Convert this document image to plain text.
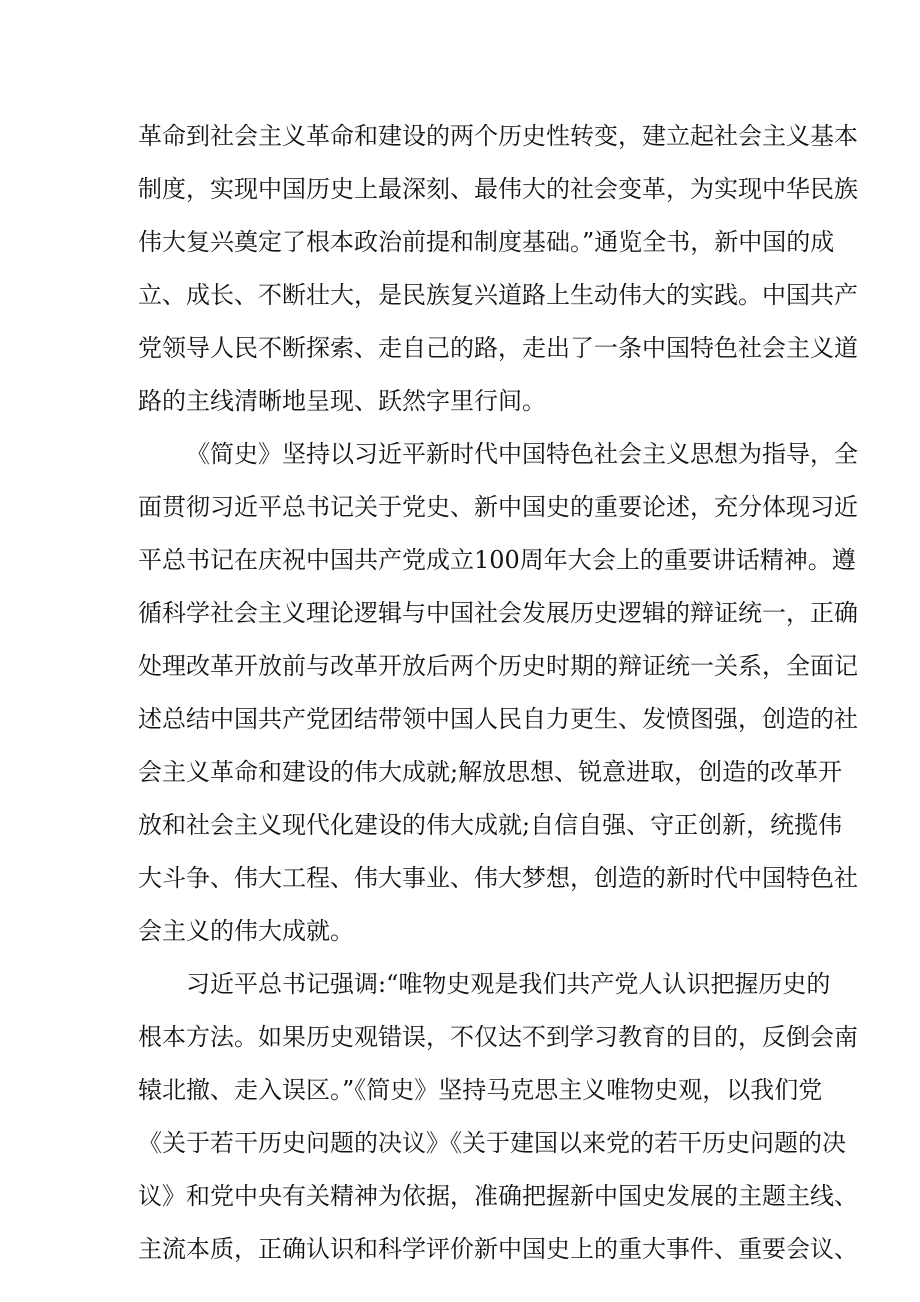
革命到社会主义革命和建设的两个历史性转变，建立起社会主义基本
制度，实现中国历史上最深刻、最伟大的社会变革，为实现中华民族
伟大复兴奠定了根本政治前提和制度基础。”通览全书，新中国的成
立、成长、不断壮大，是民族复兴道路上生动伟大的实践。中国共产
党领导人民不断探索、走自己的路，走出了一条中国特色社会主义道
路的主线清晰地呈现、跃然字里行间。
《简史》坚持以习近平新时代中国特色社会主义思想为指导，全
面贯彻习近平总书记关于党史、新中国史的重要论述，充分体现习近
平总书记在庆祝中国共产党成立100周年大会上的重要讲话精神。遵
循科学社会主义理论逻辑与中国社会发展历史逻辑的辩证统一，正确
处理改革开放前与改革开放后两个历史时期的辩证统一关系，全面记
述总结中国共产党团结带领中国人民自力更生、发愤图强，创造的社
会主义革命和建设的伟大成就;解放思想、锐意进取，创造的改革开
放和社会主义现代化建设的伟大成就;自信自强、守正创新，统揽伟
大斗争、伟大工程、伟大事业、伟大梦想，创造的新时代中国特色社
会主义的伟大成就。
习近平总书记强调:“唯物史观是我们共产党人认识把握历史的
根本方法。如果历史观错误，不仅达不到学习教育的目的，反倒会南
辕北撤、走入误区。”《简史》坚持马克思主义唯物史观，以我们党
《关于若干历史问题的决议》《关于建国以来党的若干历史问题的决
议》和党中央有关精神为依据，准确把握新中国史发展的主题主线、
主流本质，正确认识和科学评价新中国史上的重大事件、重要会议、
